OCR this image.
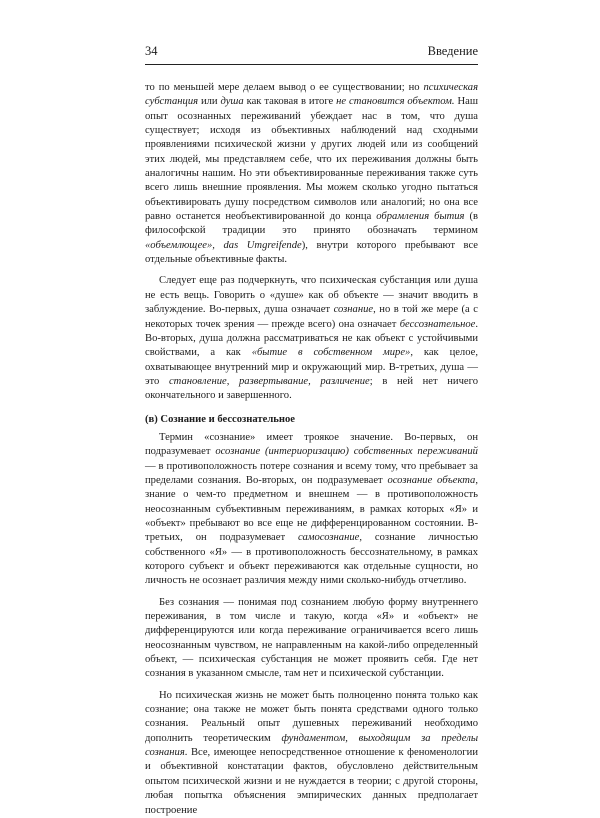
34	Введение

то по меньшей мере делаем вывод о ее существовании; но психическая субстанция или душа как таковая в итоге не становится объектом. Наш опыт осознанных переживаний убеждает нас в том, что душа существует; исходя из объективных наблюдений над сходными проявлениями психической жизни у других людей или из сообщений этих людей, мы представляем себе, что их переживания должны быть аналогичны нашим. Но эти объективированные переживания также суть всего лишь внешние проявления. Мы можем сколько угодно пытаться объективировать душу посредством символов или аналогий; но она все равно останется необъективированной до конца обрамления бытия (в философской традиции это принято обозначать термином «объемлющее», das Umgreifende), внутри которого пребывают все отдельные объективные факты.

Следует еще раз подчеркнуть, что психическая субстанция или душа не есть вещь. Говорить о «душе» как об объекте — значит вводить в заблуждение. Во-первых, душа означает сознание, но в той же мере (а с некоторых точек зрения — прежде всего) она означает бессознательное. Во-вторых, душа должна рассматриваться не как объект с устойчивыми свойствами, а как «бытие в собственном мире», как целое, охватывающее внутренний мир и окружающий мир. В-третьих, душа — это становление, развертывание, различение; в ней нет ничего окончательного и завершенного.

(в) Сознание и бессознательное

Термин «сознание» имеет троякое значение. Во-первых, он подразумевает осознание (интериоризацию) собственных переживаний — в противоположность потере сознания и всему тому, что пребывает за пределами сознания. Во-вторых, он подразумевает осознание объекта, знание о чем-то предметном и внешнем — в противоположность неосознанным субъективным переживаниям, в рамках которых «Я» и «объект» пребывают во все еще не дифференцированном состоянии. В-третьих, он подразумевает самосознание, сознание личностью собственного «Я» — в противоположность бессознательному, в рамках которого субъект и объект переживаются как отдельные сущности, но личность не осознает различия между ними сколько-нибудь отчетливо.

Без сознания — понимая под сознанием любую форму внутреннего переживания, в том числе и такую, когда «Я» и «объект» не дифференцируются или когда переживание ограничивается всего лишь неосознанным чувством, не направленным на какой-либо определенный объект, — психическая субстанция не может проявить себя. Где нет сознания в указанном смысле, там нет и психической субстанции.

Но психическая жизнь не может быть полноценно понята только как сознание; она также не может быть понята средствами одного только сознания. Реальный опыт душевных переживаний необходимо дополнить теоретическим фундаментом, выходящим за пределы сознания. Все, имеющее непосредственное отношение к феноменологии и объективной констатации фактов, обусловлено действительным опытом психической жизни и не нуждается в теории; с другой стороны, любая попытка объяснения эмпирических данных предполагает построение
